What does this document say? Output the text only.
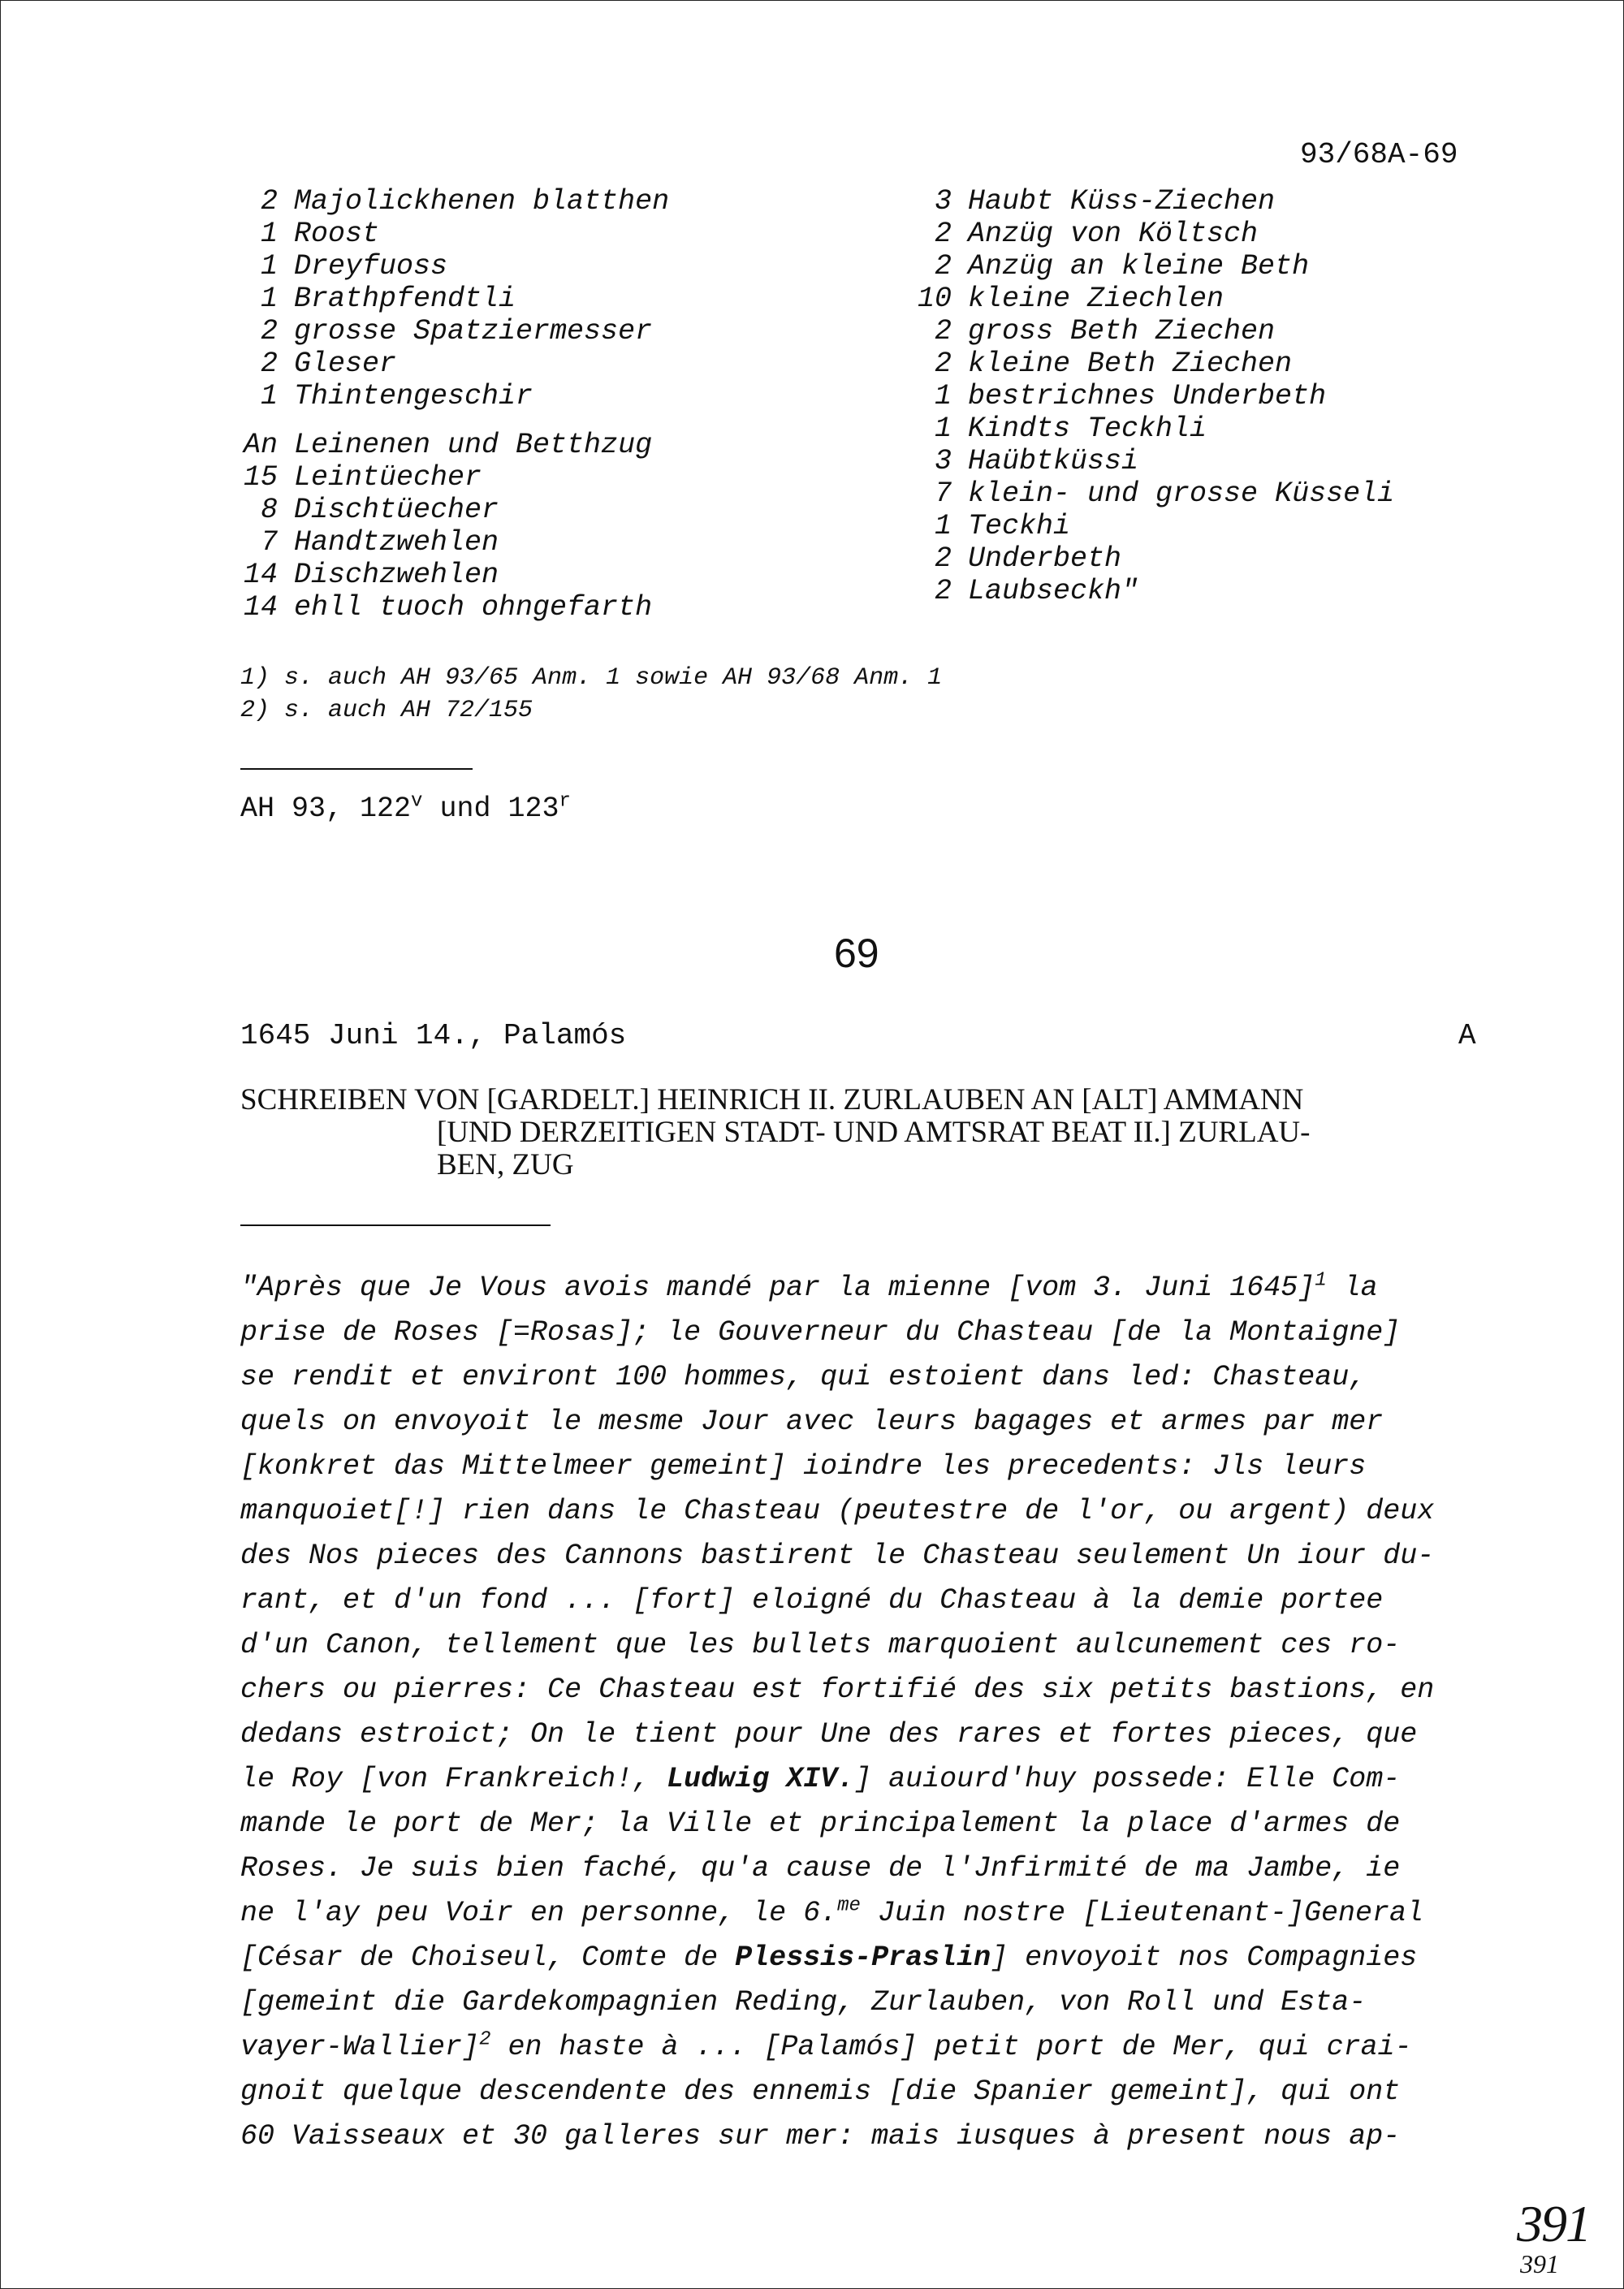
93/68A-69
2 Majolickhenen blatthen
1 Roost
1 Dreyfuoss
1 Brathpfendtli
2 grosse Spatziermesser
2 Gleser
1 Thintengeschir
An Leinenen und Betthzug
15 Leintüecher
8 Dischtüecher
7 Handtzwehlen
14 Dischzwehlen
14 ehll tuoch ohngefarth
3 Haubt Küss-Ziechen
2 Anzüg von Költsch
2 Anzüg an kleine Beth
10 kleine Ziechlen
2 gross Beth Ziechen
2 kleine Beth Ziechen
1 bestrichnes Underbeth
1 Kindts Teckhli
3 Haübtküssi
7 klein- und grosse Küsseli
1 Teckhi
2 Underbeth
2 Laubseckh"
1) s. auch AH 93/65 Anm. 1 sowie AH 93/68 Anm. 1
2) s. auch AH 72/155
AH 93, 122$^v$ und 123$^r$
69
1645 Juni 14., Palamós	A
SCHREIBEN VON [GARDELT.] HEINRICH II. ZURLAUBEN AN [ALT] AMMANN
[UND DERZEITIGEN STADT- UND AMTSRAT BEAT II.] ZURLAU-
BEN, ZUG
"Après que Je Vous avois mandé par la mienne [vom 3. Juni 1645]$^1$ la
prise de Roses [=Rosas]; le Gouverneur du Chasteau [de la Montaigne]
se rendit et environt 100 hommes, qui estoient dans led: Chasteau,
quels on envoyoit le mesme Jour avec leurs bagages et armes par mer
[konkret das Mittelmeer gemeint] ioindre les precedents: Jls leurs
manquoiet[!] rien dans le Chasteau (peutestre de l'or, ou argent) deux
des Nos pieces des Cannons bastirent le Chasteau seulement Un iour du-
rant, et d'un fond ... [fort] eloigné du Chasteau à la demie portee
d'un Canon, tellement que les bullets marquoient aulcunement ces ro-
chers ou pierres: Ce Chasteau est fortifié des six petits bastions, en
dedans estroict; On le tient pour Une des rares et fortes pieces, que
le Roy [von Frankreich!, Ludwig XIV.] auiourd'huy possede: Elle Com-
mande le port de Mer; la Ville et principalement la place d'armes de
Roses. Je suis bien faché, qu'a cause de l'Jnfirmité de ma Jambe, ie
ne l'ay peu Voir en personne, le 6.$^{me}$ Juin nostre [Lieutenant-]General
[César de Choiseul, Comte de Plessis-Praslin] envoyoit nos Compagnies
[gemeint die Gardekompagnien Reding, Zurlauben, von Roll und Esta-
vayer-Wallier]$^2$ en haste à ... [Palamós] petit port de Mer, qui crai-
gnoit quelque descendente des ennemis [die Spanier gemeint], qui ont
60 Vaisseaux et 30 galleres sur mer: mais iusques à present nous ap-
391
391
